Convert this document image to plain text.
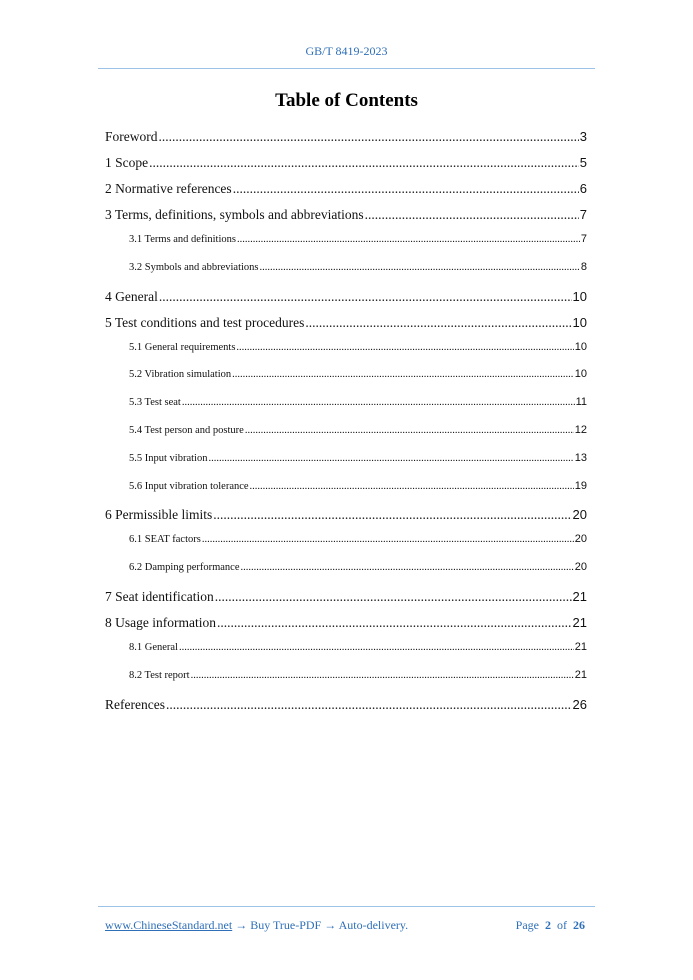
GB/T 8419-2023
Table of Contents
Foreword .....	3
1 Scope .....	5
2 Normative references .....	6
3 Terms, definitions, symbols and abbreviations .....	7
3.1 Terms and definitions .....	7
3.2 Symbols and abbreviations .....	8
4 General .....	10
5 Test conditions and test procedures .....	10
5.1 General requirements .....	10
5.2 Vibration simulation .....	10
5.3 Test seat .....	11
5.4 Test person and posture .....	12
5.5 Input vibration .....	13
5.6 Input vibration tolerance .....	19
6 Permissible limits .....	20
6.1 SEAT factors .....	20
6.2 Damping performance .....	20
7 Seat identification .....	21
8 Usage information .....	21
8.1 General .....	21
8.2 Test report .....	21
References .....	26
www.ChineseStandard.net → Buy True-PDF → Auto-delivery.	Page 2 of 26
